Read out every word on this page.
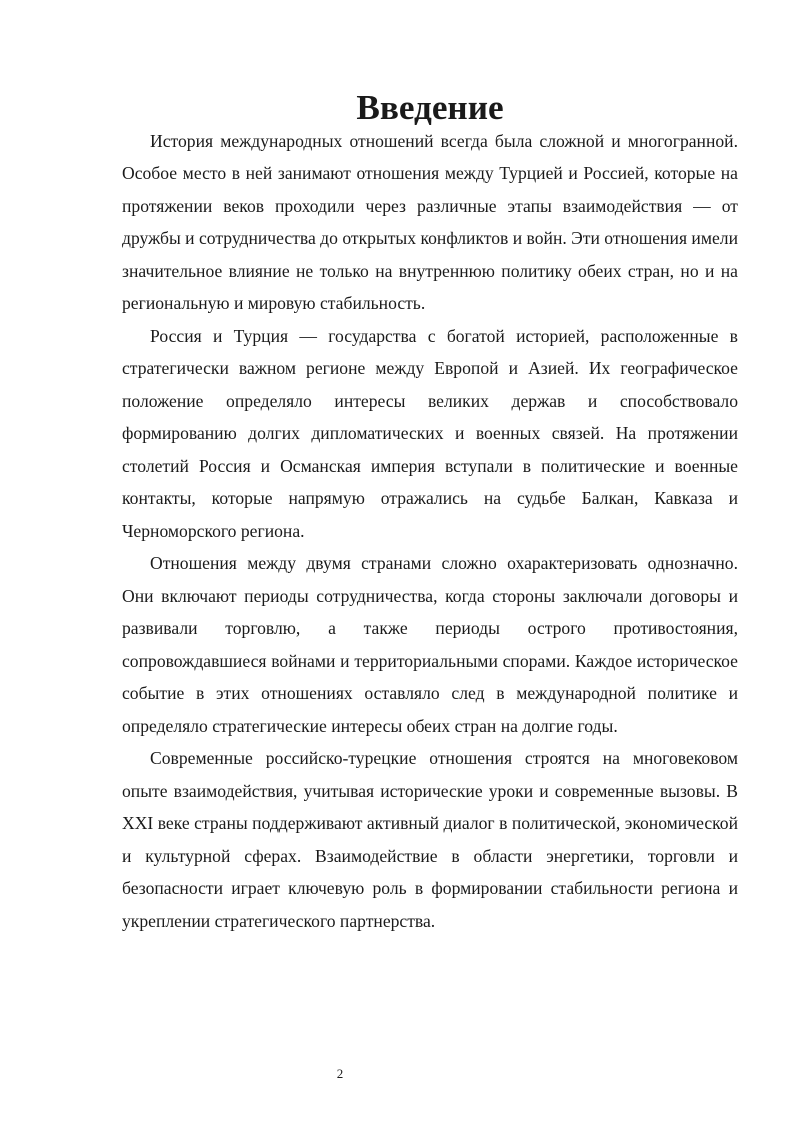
Введение

История международных отношений всегда была сложной и многогранной. Особое место в ней занимают отношения между Турцией и Россией, которые на протяжении веков проходили через различные этапы взаимодействия — от дружбы и сотрудничества до открытых конфликтов и войн. Эти отношения имели значительное влияние не только на внутреннюю политику обеих стран, но и на региональную и мировую стабильность.

Россия и Турция — государства с богатой историей, расположенные в стратегически важном регионе между Европой и Азией. Их географическое положение определяло интересы великих держав и способствовало формированию долгих дипломатических и военных связей. На протяжении столетий Россия и Османская империя вступали в политические и военные контакты, которые напрямую отражались на судьбе Балкан, Кавказа и Черноморского региона.

Отношения между двумя странами сложно охарактеризовать однозначно. Они включают периоды сотрудничества, когда стороны заключали договоры и развивали торговлю, а также периоды острого противостояния, сопровождавшиеся войнами и территориальными спорами. Каждое историческое событие в этих отношениях оставляло след в международной политике и определяло стратегические интересы обеих стран на долгие годы.

Современные российско-турецкие отношения строятся на многовековом опыте взаимодействия, учитывая исторические уроки и современные вызовы. В XXI веке страны поддерживают активный диалог в политической, экономической и культурной сферах. Взаимодействие в области энергетики, торговли и безопасности играет ключевую роль в формировании стабильности региона и укреплении стратегического партнерства.

2
